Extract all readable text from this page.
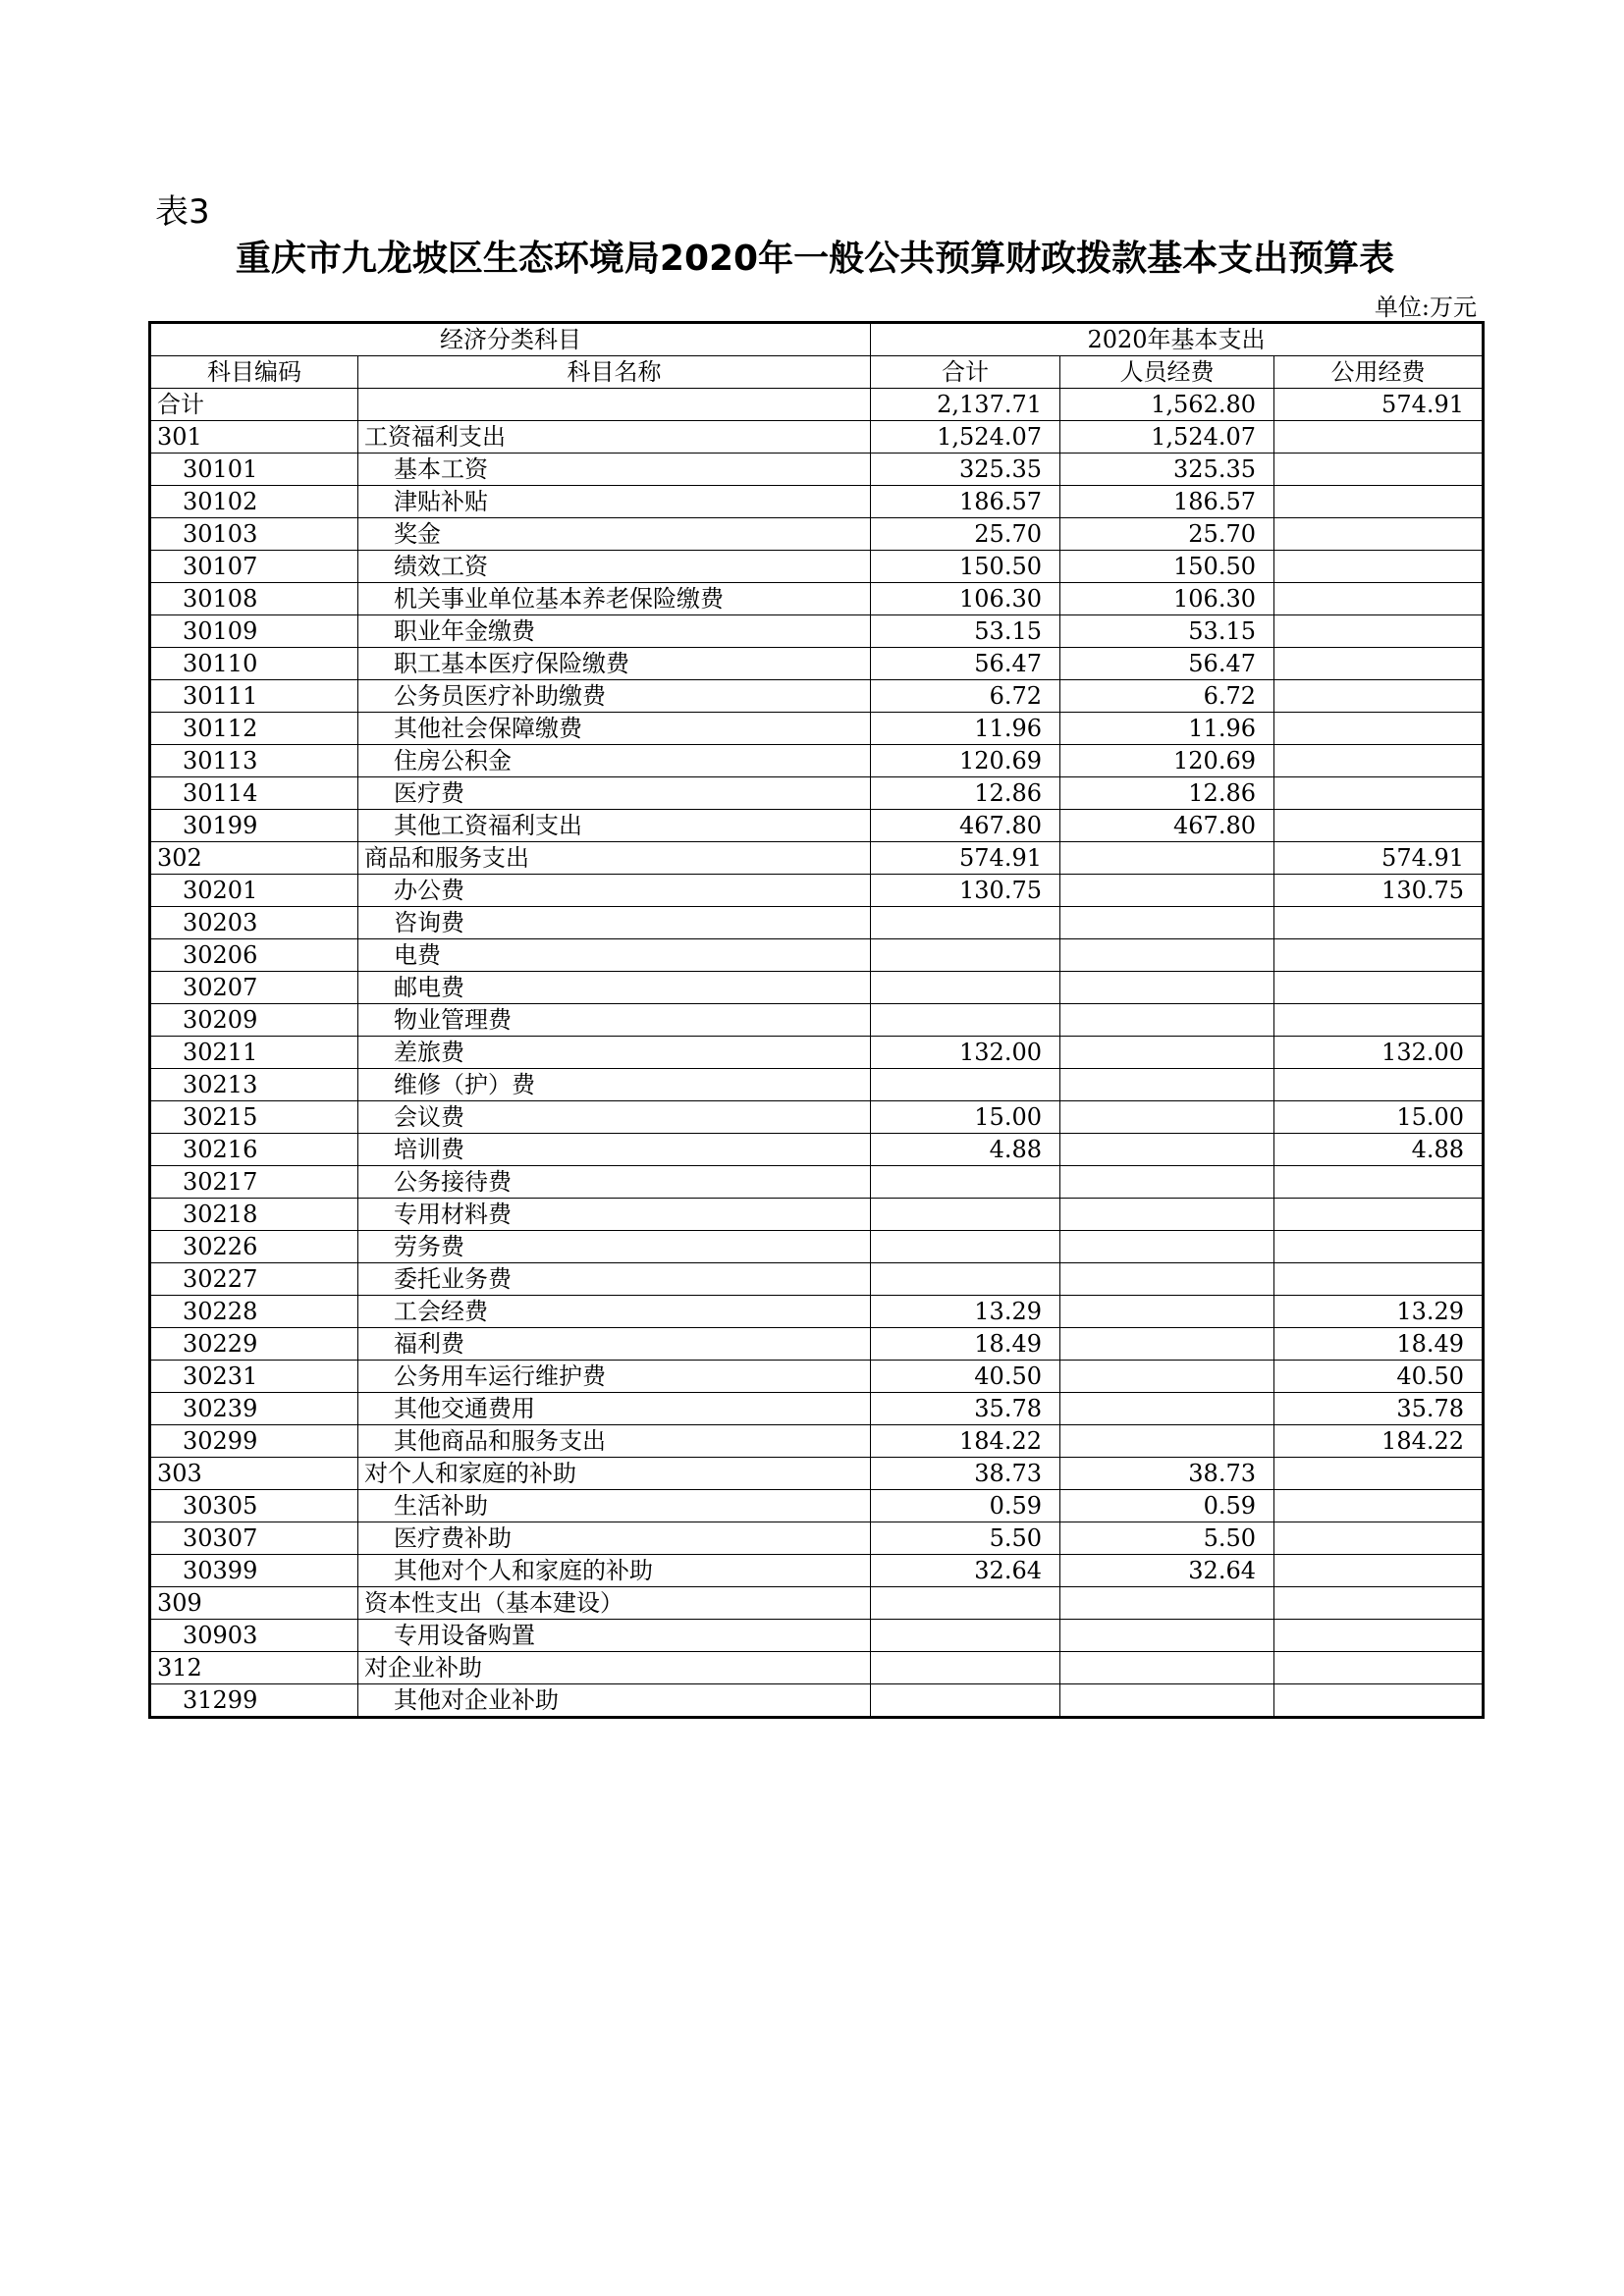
表3
重庆市九龙坡区生态环境局2020年一般公共预算财政拨款基本支出预算表
单位:万元
经济分类科目		2020年基本支出		
科目编码	科目名称	合计	人员经费	公用经费
合计		2,137.71	1,562.80	574.91
301	工资福利支出	1,524.07	1,524.07	
30101	基本工资	325.35	325.35	
30102	津贴补贴	186.57	186.57	
30103	奖金	25.70	25.70	
30107	绩效工资	150.50	150.50	
30108	机关事业单位基本养老保险缴费	106.30	106.30	
30109	职业年金缴费	53.15	53.15	
30110	职工基本医疗保险缴费	56.47	56.47	
30111	公务员医疗补助缴费	6.72	6.72	
30112	其他社会保障缴费	11.96	11.96	
30113	住房公积金	120.69	120.69	
30114	医疗费	12.86	12.86	
30199	其他工资福利支出	467.80	467.80	
302	商品和服务支出	574.91		574.91
30201	办公费	130.75		130.75
30203	咨询费			
30206	电费			
30207	邮电费			
30209	物业管理费			
30211	差旅费	132.00		132.00
30213	维修（护）费			
30215	会议费	15.00		15.00
30216	培训费	4.88		4.88
30217	公务接待费			
30218	专用材料费			
30226	劳务费			
30227	委托业务费			
30228	工会经费	13.29		13.29
30229	福利费	18.49		18.49
30231	公务用车运行维护费	40.50		40.50
30239	其他交通费用	35.78		35.78
30299	其他商品和服务支出	184.22		184.22
303	对个人和家庭的补助	38.73	38.73	
30305	生活补助	0.59	0.59	
30307	医疗费补助	5.50	5.50	
30399	其他对个人和家庭的补助	32.64	32.64	
309	资本性支出（基本建设）			
30903	专用设备购置			
312	对企业补助			
31299	其他对企业补助			
